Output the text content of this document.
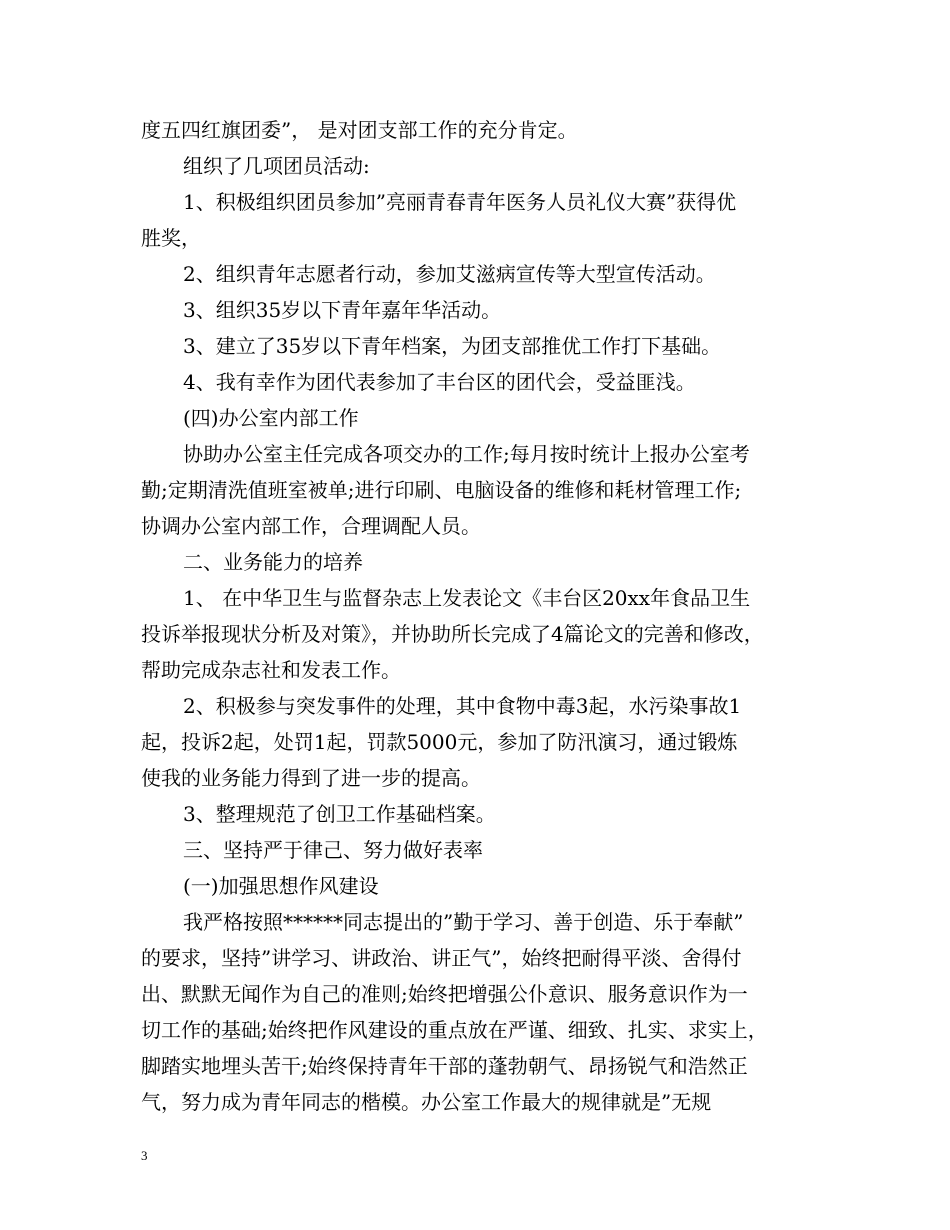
度五四红旗团委”， 是对团支部工作的充分肯定。

组织了几项团员活动:

1、积极组织团员参加”亮丽青春青年医务人员礼仪大赛”获得优

胜奖，

2、组织青年志愿者行动，参加艾滋病宣传等大型宣传活动。

3、组织35岁以下青年嘉年华活动。

3、建立了35岁以下青年档案，为团支部推优工作打下基础。

4、我有幸作为团代表参加了丰台区的团代会，受益匪浅。

(四)办公室内部工作

协助办公室主任完成各项交办的工作;每月按时统计上报办公室考

勤;定期清洗值班室被单;进行印刷、电脑设备的维修和耗材管理工作;

协调办公室内部工作，合理调配人员。

二、业务能力的培养

1、 在中华卫生与监督杂志上发表论文《丰台区20xx年食品卫生

投诉举报现状分析及对策》，并协助所长完成了4篇论文的完善和修改，

帮助完成杂志社和发表工作。

2、积极参与突发事件的处理，其中食物中毒3起，水污染事故1

起，投诉2起，处罚1起，罚款5000元，参加了防汛演习，通过锻炼

使我的业务能力得到了进一步的提高。

3、整理规范了创卫工作基础档案。

三、坚持严于律己、努力做好表率

(一)加强思想作风建设

我严格按照******同志提出的”勤于学习、善于创造、乐于奉献”

的要求，坚持”讲学习、讲政治、讲正气”，始终把耐得平淡、舍得付

出、默默无闻作为自己的准则;始终把增强公仆意识、服务意识作为一

切工作的基础;始终把作风建设的重点放在严谨、细致、扎实、求实上，

脚踏实地埋头苦干;始终保持青年干部的蓬勃朝气、昂扬锐气和浩然正

气，努力成为青年同志的楷模。办公室工作最大的规律就是”无规

3
